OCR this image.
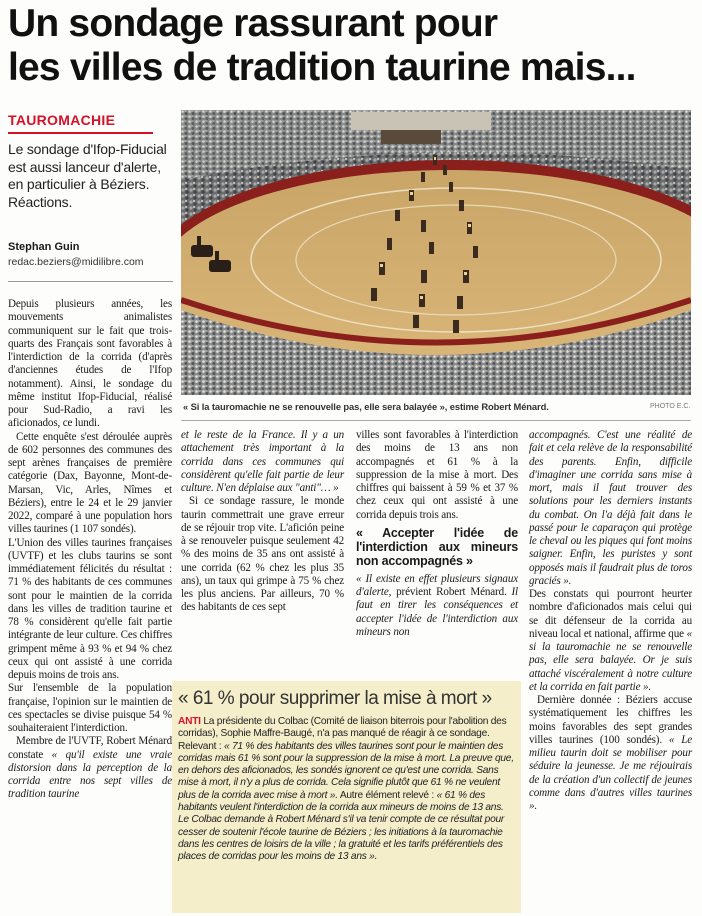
Un sondage rassurant pour
les villes de tradition taurine mais...
TAUROMACHIE
Le sondage d'Ifop-Fiducial est aussi lanceur d'alerte, en particulier à Béziers. Réactions.
Stephan Guin
redac.beziers@midilibre.com
« Si la tauromachie ne se renouvelle pas, elle sera balayée », estime Robert Ménard.	PHOTO E.C.

Depuis plusieurs années, les mouvements animalistes communiquent sur le fait que trois-quarts des Français sont favorables à l'interdiction de la corrida (d'après d'anciennes études de l'Ifop notamment). Ainsi, le sondage du même institut Ifop-Fiducial, réalisé pour Sud-Radio, a ravi les aficionados, ce lundi.

Cette enquête s'est déroulée auprès de 602 personnes des communes des sept arènes françaises de première catégorie (Dax, Bayonne, Mont-de-Marsan, Vic, Arles, Nîmes et Béziers), entre le 24 et le 29 janvier 2022, comparé à une population hors villes taurines (1 107 sondés).

L'Union des villes taurines françaises (UVTF) et les clubs taurins se sont immédiatement félicités du résultat : 71 % des habitants de ces communes sont pour le maintien de la corrida dans les villes de tradition taurine et 78 % considèrent qu'elle fait partie intégrante de leur culture. Ces chiffres grimpent même à 93 % et 94 % chez ceux qui ont assisté à une corrida depuis moins de trois ans.

Sur l'ensemble de la population française, l'opinion sur le maintien de ces spectacles se divise puisque 54 % souhaiteraient l'interdiction.

Membre de l'UVTF, Robert Ménard constate « qu'il existe une vraie distorsion dans la perception de la corrida entre nos sept villes de tradition taurine

et le reste de la France. Il y a un attachement très important à la corrida dans ces communes qui considèrent qu'elle fait partie de leur culture. N'en déplaise aux "anti"… »

Si ce sondage rassure, le monde taurin commettrait une grave erreur de se réjouir trop vite. L'afición peine à se renouveler puisque seulement 42 % des moins de 35 ans ont assisté à une corrida (62 % chez les plus 35 ans), un taux qui grimpe à 75 % chez les plus anciens. Par ailleurs, 70 % des habitants de ces sept

villes sont favorables à l'interdiction des moins de 13 ans non accompagnés et 61 % à la suppression de la mise à mort. Des chiffres qui baissent à 59 % et 37 % chez ceux qui ont assisté à une corrida depuis trois ans.

« Accepter l'idée de l'interdiction aux mineurs non accompagnés »

« Il existe en effet plusieurs signaux d'alerte, prévient Robert Ménard. Il faut en tirer les conséquences et accepter l'idée de l'interdiction aux mineurs non

accompagnés. C'est une réalité de fait et cela relève de la responsabilité des parents. Enfin, difficile d'imaginer une corrida sans mise à mort, mais il faut trouver des solutions pour les derniers instants du combat. On l'a déjà fait dans le passé pour le caparaçon qui protège le cheval ou les piques qui font moins saigner. Enfin, les puristes y sont opposés mais il faudrait plus de toros graciés ».

Des constats qui pourront heurter nombre d'aficionados mais celui qui se dit défenseur de la corrida au niveau local et national, affirme que « si la tauromachie ne se renouvelle pas, elle sera balayée. Or je suis attaché viscéralement à notre culture et la corrida en fait partie ».

Dernière donnée : Béziers accuse systématiquement les chiffres les moins favorables des sept grandes villes taurines (100 sondés). « Le milieu taurin doit se mobiliser pour séduire la jeunesse. Je me réjouirais de la création d'un collectif de jeunes comme dans d'autres villes taurines ».

« 61 % pour supprimer la mise à mort »
ANTI La présidente du Colbac (Comité de liaison biterrois pour l'abolition des corridas), Sophie Maffre-Baugé, n'a pas manqué de réagir à ce sondage. Relevant : « 71 % des habitants des villes taurines sont pour le maintien des corridas mais 61 % sont pour la suppression de la mise à mort. La preuve que, en dehors des aficionados, les sondés ignorent ce qu'est une corrida. Sans mise à mort, il n'y a plus de corrida. Cela signifie plutôt que 61 % ne veulent plus de la corrida avec mise à mort ». Autre élément relevé : « 61 % des habitants veulent l'interdiction de la corrida aux mineurs de moins de 13 ans. Le Colbac demande à Robert Ménard s'il va tenir compte de ce résultat pour cesser de soutenir l'école taurine de Béziers ; les initiations à la tauromachie dans les centres de loisirs de la ville ; la gratuité et les tarifs préférentiels des places de corridas pour les moins de 13 ans ».
